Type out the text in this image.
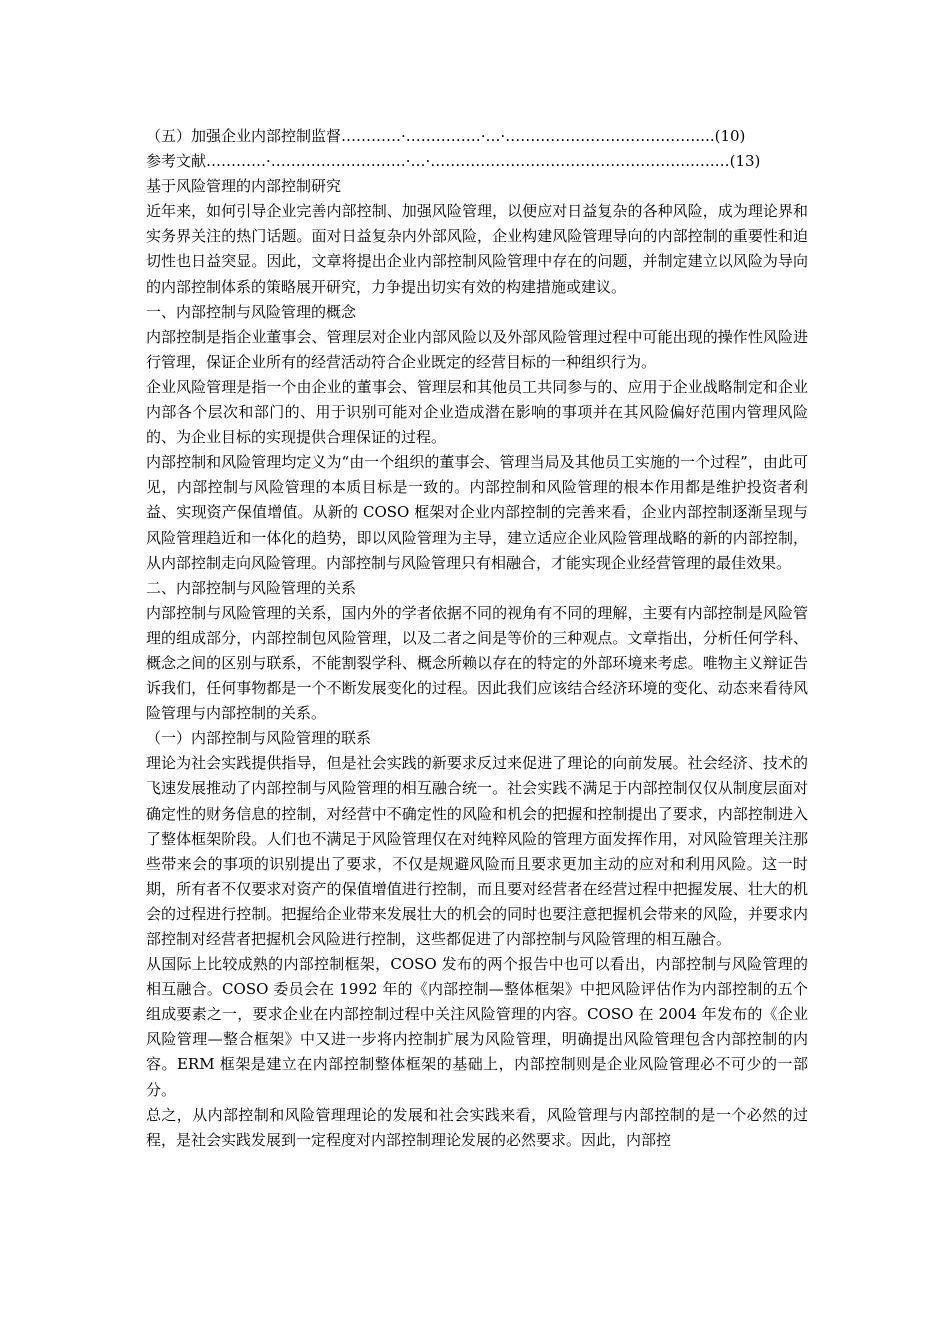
（五）加强企业内部控制监督…………·……………·…·…………………………………...(10)
参考文献…………·………………………·…·……………………………………………..….…(13)

基于风险管理的内部控制研究

近年来，如何引导企业完善内部控制、加强风险管理，以便应对日益复杂的各种风险，成为理论界和实务界关注的热门话题。面对日益复杂内外部风险，企业构建风险管理导向的内部控制的重要性和迫切性也日益突显。因此，文章将提出企业内部控制风险管理中存在的问题，并制定建立以风险为导向的内部控制体系的策略展开研究，力争提出切实有效的构建措施或建议。

一、内部控制与风险管理的概念

内部控制是指企业董事会、管理层对企业内部风险以及外部风险管理过程中可能出现的操作性风险进行管理，保证企业所有的经营活动符合企业既定的经营目标的一种组织行为。

企业风险管理是指一个由企业的董事会、管理层和其他员工共同参与的、应用于企业战略制定和企业内部各个层次和部门的、用于识别可能对企业造成潜在影响的事项并在其风险偏好范围内管理风险的、为企业目标的实现提供合理保证的过程。

内部控制和风险管理均定义为“由一个组织的董事会、管理当局及其他员工实施的一个过程”，由此可见，内部控制与风险管理的本质目标是一致的。内部控制和风险管理的根本作用都是维护投资者利益、实现资产保值增值。从新的 COSO 框架对企业内部控制的完善来看，企业内部控制逐渐呈现与风险管理趋近和一体化的趋势，即以风险管理为主导，建立适应企业风险管理战略的新的内部控制，从内部控制走向风险管理。内部控制与风险管理只有相融合，才能实现企业经营管理的最佳效果。

二、内部控制与风险管理的关系

内部控制与风险管理的关系，国内外的学者依据不同的视角有不同的理解，主要有内部控制是风险管理的组成部分，内部控制包风险管理，以及二者之间是等价的三种观点。文章指出，分析任何学科、概念之间的区别与联系，不能割裂学科、概念所赖以存在的特定的外部环境来考虑。唯物主义辩证告诉我们，任何事物都是一个不断发展变化的过程。因此我们应该结合经济环境的变化、动态来看待风险管理与内部控制的关系。

（一）内部控制与风险管理的联系

理论为社会实践提供指导，但是社会实践的新要求反过来促进了理论的向前发展。社会经济、技术的飞速发展推动了内部控制与风险管理的相互融合统一。社会实践不满足于内部控制仅仅从制度层面对确定性的财务信息的控制，对经营中不确定性的风险和机会的把握和控制提出了要求，内部控制进入了整体框架阶段。人们也不满足于风险管理仅在对纯粹风险的管理方面发挥作用，对风险管理关注那些带来会的事项的识别提出了要求，不仅是规避风险而且要求更加主动的应对和利用风险。这一时期，所有者不仅要求对资产的保值增值进行控制，而且要对经营者在经营过程中把握发展、壮大的机会的过程进行控制。把握给企业带来发展壮大的机会的同时也要注意把握机会带来的风险，并要求内部控制对经营者把握机会风险进行控制，这些都促进了内部控制与风险管理的相互融合。

从国际上比较成熟的内部控制框架，COSO 发布的两个报告中也可以看出，内部控制与风险管理的相互融合。COSO 委员会在 1992 年的《内部控制—整体框架》中把风险评估作为内部控制的五个组成要素之一，要求企业在内部控制过程中关注风险管理的内容。COSO 在 2004 年发布的《企业风险管理—整合框架》中又进一步将内控制扩展为风险管理，明确提出风险管理包含内部控制的内容。ERM 框架是建立在内部控制整体框架的基础上，内部控制则是企业风险管理必不可少的一部分。

总之，从内部控制和风险管理理论的发展和社会实践来看，风险管理与内部控制的是一个必然的过程，是社会实践发展到一定程度对内部控制理论发展的必然要求。因此，内部控
